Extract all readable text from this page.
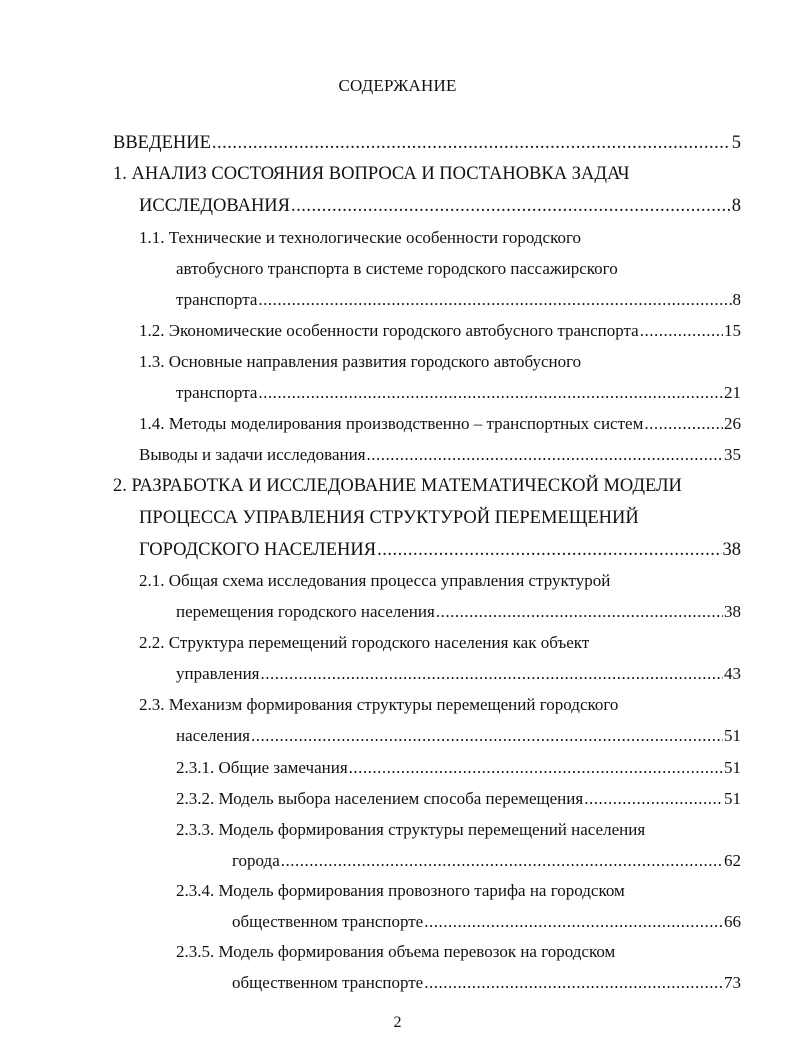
СОДЕРЖАНИЕ
ВВЕДЕНИЕ .....	5
1. АНАЛИЗ СОСТОЯНИЯ ВОПРОСА И ПОСТАНОВКА ЗАДАЧ
ИССЛЕДОВАНИЯ .....	8
1.1. Технические и технологические особенности городского
автобусного транспорта в системе городского пассажирского
транспорта .....	8
1.2. Экономические особенности городского автобусного транспорта .....	15
1.3. Основные направления развития городского автобусного
транспорта .....	21
1.4. Методы моделирования производственно – транспортных систем .....	26
Выводы и задачи исследования .....	35
2. РАЗРАБОТКА И ИССЛЕДОВАНИЕ МАТЕМАТИЧЕСКОЙ МОДЕЛИ
ПРОЦЕССА УПРАВЛЕНИЯ СТРУКТУРОЙ ПЕРЕМЕЩЕНИЙ
ГОРОДСКОГО НАСЕЛЕНИЯ .....	38
2.1. Общая схема исследования процесса управления структурой
перемещения городского населения .....	38
2.2. Структура перемещений городского населения как объект
управления .....	43
2.3. Механизм формирования структуры перемещений городского
населения .....	51
2.3.1. Общие замечания .....	51
2.3.2. Модель выбора населением способа перемещения .....	51
2.3.3. Модель формирования структуры перемещений населения
города .....	62
2.3.4. Модель формирования провозного тарифа на городском
общественном транспорте .....	66
2.3.5. Модель формирования объема перевозок на городском
общественном транспорте .....	73
2
